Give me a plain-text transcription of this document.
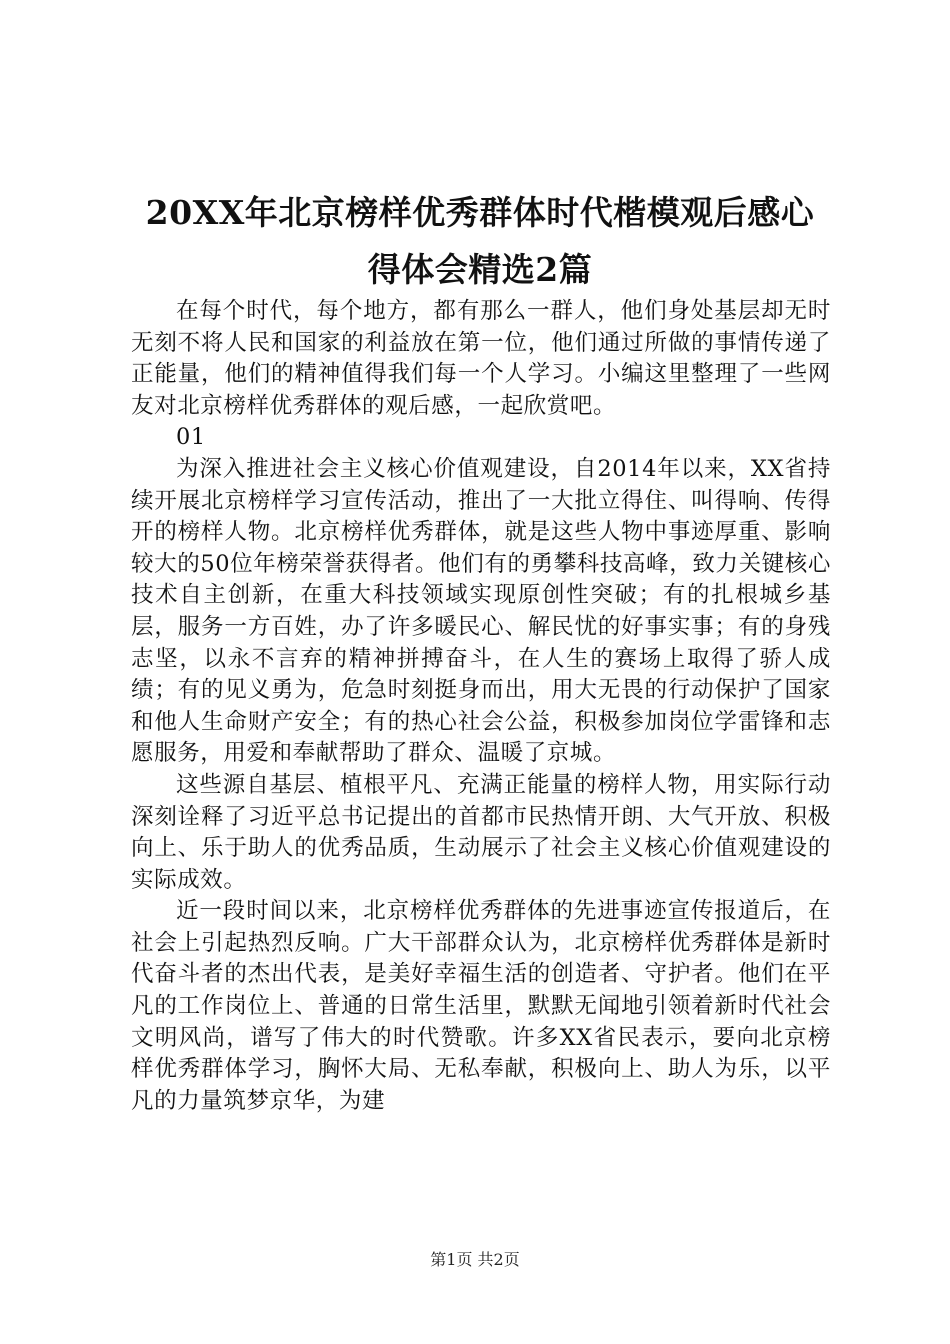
20XX年北京榜样优秀群体时代楷模观后感心
得体会精选2篇

在每个时代，每个地方，都有那么一群人，他们身处基层却无时无刻不将人民和国家的利益放在第一位，他们通过所做的事情传递了正能量，他们的精神值得我们每一个人学习。小编这里整理了一些网友对北京榜样优秀群体的观后感，一起欣赏吧。

01

为深入推进社会主义核心价值观建设，自2014年以来，XX省持续开展北京榜样学习宣传活动，推出了一大批立得住、叫得响、传得开的榜样人物。北京榜样优秀群体，就是这些人物中事迹厚重、影响较大的50位年榜荣誉获得者。他们有的勇攀科技高峰，致力关键核心技术自主创新，在重大科技领域实现原创性突破；有的扎根城乡基层，服务一方百姓，办了许多暖民心、解民忧的好事实事；有的身残志坚，以永不言弃的精神拼搏奋斗，在人生的赛场上取得了骄人成绩；有的见义勇为，危急时刻挺身而出，用大无畏的行动保护了国家和他人生命财产安全；有的热心社会公益，积极参加岗位学雷锋和志愿服务，用爱和奉献帮助了群众、温暖了京城。

这些源自基层、植根平凡、充满正能量的榜样人物，用实际行动深刻诠释了习近平总书记提出的首都市民热情开朗、大气开放、积极向上、乐于助人的优秀品质，生动展示了社会主义核心价值观建设的实际成效。

近一段时间以来，北京榜样优秀群体的先进事迹宣传报道后，在社会上引起热烈反响。广大干部群众认为，北京榜样优秀群体是新时代奋斗者的杰出代表，是美好幸福生活的创造者、守护者。他们在平凡的工作岗位上、普通的日常生活里，默默无闻地引领着新时代社会文明风尚，谱写了伟大的时代赞歌。许多XX省民表示，要向北京榜样优秀群体学习，胸怀大局、无私奉献，积极向上、助人为乐，以平凡的力量筑梦京华，为建

第1页 共2页
